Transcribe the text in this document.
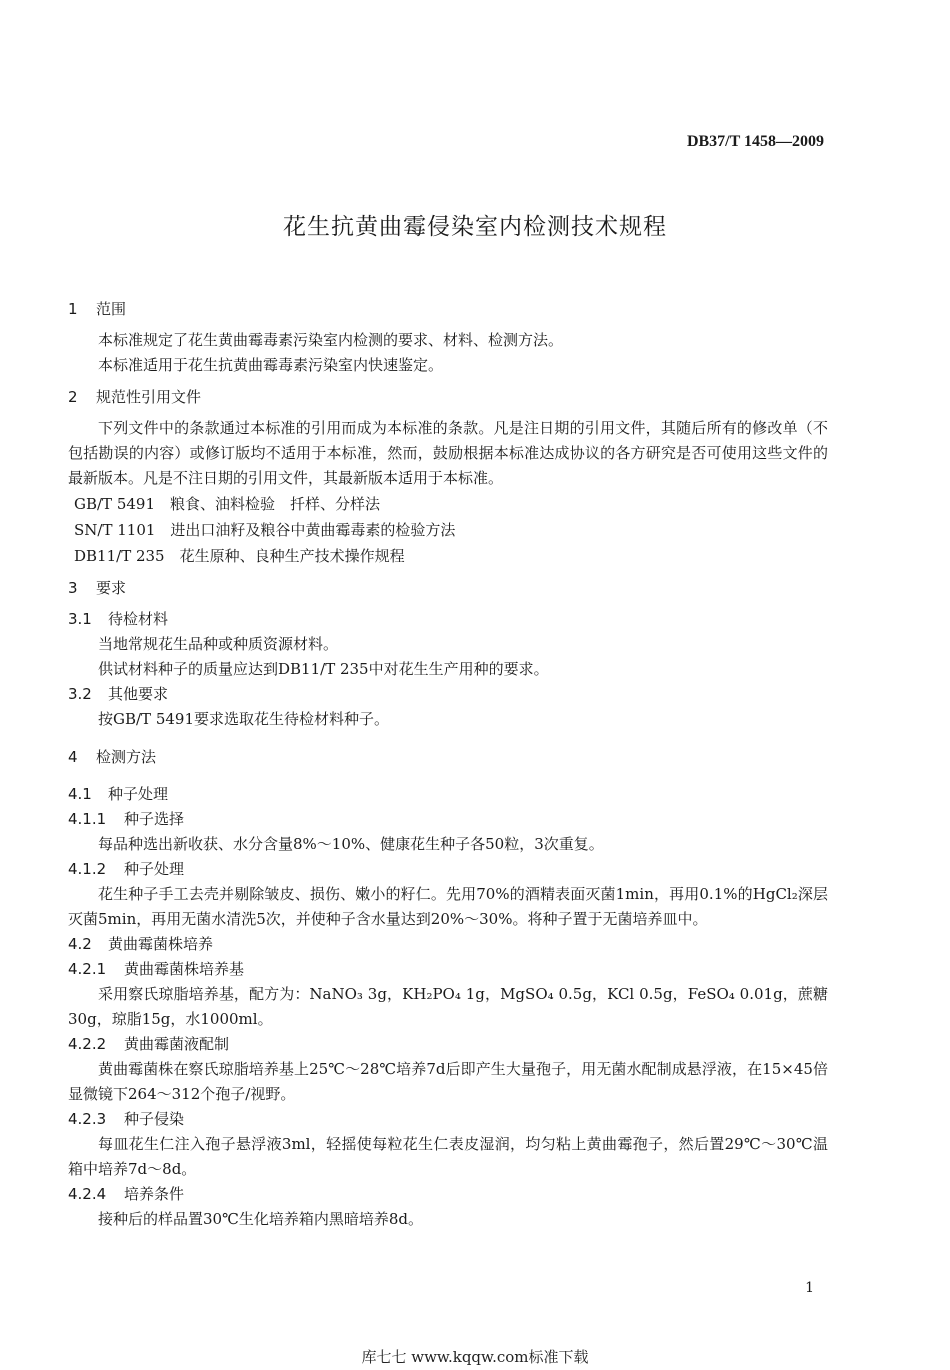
DB37/T 1458—2009
花生抗黄曲霉侵染室内检测技术规程
1 范围

本标准规定了花生黄曲霉毒素污染室内检测的要求、材料、检测方法。

本标准适用于花生抗黄曲霉毒素污染室内快速鉴定。

2 规范性引用文件

下列文件中的条款通过本标准的引用而成为本标准的条款。凡是注日期的引用文件，其随后所有的修改单（不包括勘误的内容）或修订版均不适用于本标准，然而，鼓励根据本标准达成协议的各方研究是否可使用这些文件的最新版本。凡是不注日期的引用文件，其最新版本适用于本标准。

GB/T 5491　粮食、油料检验　扦样、分样法

SN/T 1101　进出口油籽及粮谷中黄曲霉毒素的检验方法

DB11/T 235　花生原种、良种生产技术操作规程

3 要求
3.1 待检材料

当地常规花生品种或种质资源材料。

供试材料种子的质量应达到DB11/T 235中对花生生产用种的要求。

3.2 其他要求

按GB/T 5491要求选取花生待检材料种子。

4 检测方法
4.1 种子处理
4.1.1 种子选择

每品种选出新收获、水分含量8%～10%、健康花生种子各50粒，3次重复。

4.1.2 种子处理

花生种子手工去壳并剔除皱皮、损伤、嫩小的籽仁。先用70%的酒精表面灭菌1min，再用0.1%的HgCl₂深层灭菌5min，再用无菌水清洗5次，并使种子含水量达到20%～30%。将种子置于无菌培养皿中。

4.2 黄曲霉菌株培养
4.2.1 黄曲霉菌株培养基

采用察氏琼脂培养基，配方为：NaNO₃ 3g，KH₂PO₄ 1g，MgSO₄ 0.5g，KCl 0.5g，FeSO₄ 0.01g，蔗糖30g，琼脂15g，水1000ml。

4.2.2 黄曲霉菌液配制

黄曲霉菌株在察氏琼脂培养基上25℃～28℃培养7d后即产生大量孢子，用无菌水配制成悬浮液，在15×45倍显微镜下264～312个孢子/视野。

4.2.3 种子侵染

每皿花生仁注入孢子悬浮液3ml，轻摇使每粒花生仁表皮湿润，均匀粘上黄曲霉孢子，然后置29℃～30℃温箱中培养7d～8d。

4.2.4 培养条件

接种后的样品置30℃生化培养箱内黑暗培养8d。

1
库七七 www.kqqw.com标准下载
